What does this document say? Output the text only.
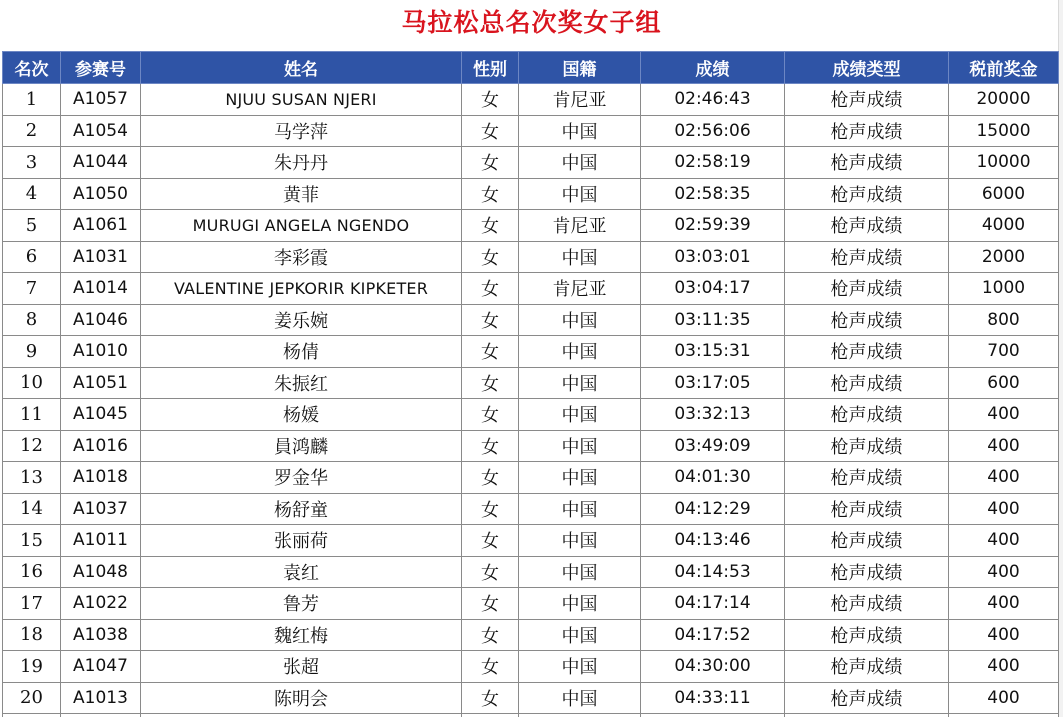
马拉松总名次奖女子组
名次	参赛号	姓名	性别	国籍	成绩	成绩类型	税前奖金
1	A1057	NJUU SUSAN NJERI	女	肯尼亚	02:46:43	枪声成绩	20000
2	A1054	马学萍	女	中国	02:56:06	枪声成绩	15000
3	A1044	朱丹丹	女	中国	02:58:19	枪声成绩	10000
4	A1050	黄菲	女	中国	02:58:35	枪声成绩	6000
5	A1061	MURUGI ANGELA NGENDO	女	肯尼亚	02:59:39	枪声成绩	4000
6	A1031	李彩霞	女	中国	03:03:01	枪声成绩	2000
7	A1014	VALENTINE JEPKORIR KIPKETER	女	肯尼亚	03:04:17	枪声成绩	1000
8	A1046	姜乐婉	女	中国	03:11:35	枪声成绩	800
9	A1010	杨倩	女	中国	03:15:31	枪声成绩	700
10	A1051	朱振红	女	中国	03:17:05	枪声成绩	600
11	A1045	杨媛	女	中国	03:32:13	枪声成绩	400
12	A1016	員鸿麟	女	中国	03:49:09	枪声成绩	400
13	A1018	罗金华	女	中国	04:01:30	枪声成绩	400
14	A1037	杨舒童	女	中国	04:12:29	枪声成绩	400
15	A1011	张丽荷	女	中国	04:13:46	枪声成绩	400
16	A1048	袁红	女	中国	04:14:53	枪声成绩	400
17	A1022	鲁芳	女	中国	04:17:14	枪声成绩	400
18	A1038	魏红梅	女	中国	04:17:52	枪声成绩	400
19	A1047	张超	女	中国	04:30:00	枪声成绩	400
20	A1013	陈明会	女	中国	04:33:11	枪声成绩	400
